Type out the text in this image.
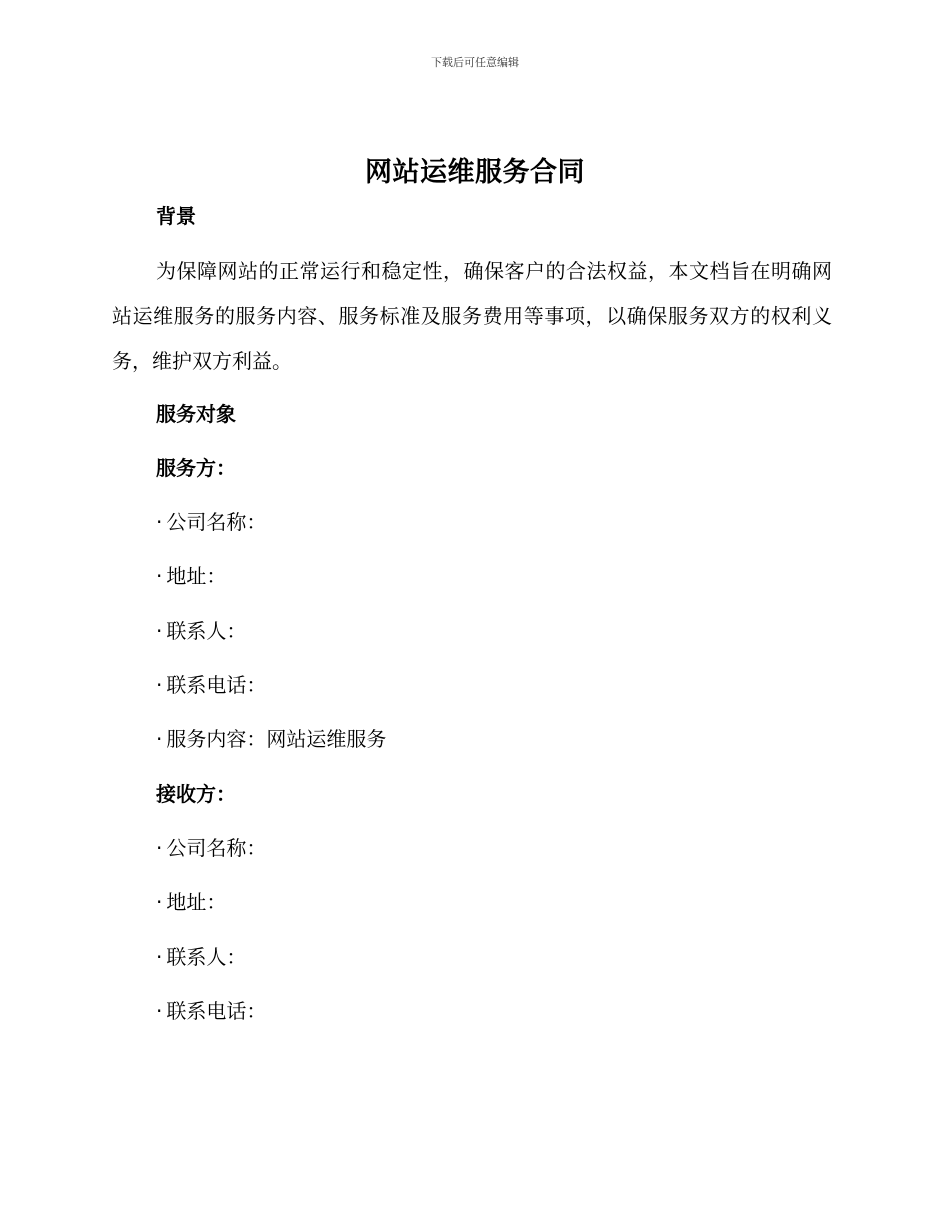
下载后可任意编辑
网站运维服务合同
背景
为保障网站的正常运行和稳定性，确保客户的合法权益，本文档旨在明确网站运维服务的服务内容、服务标准及服务费用等事项，以确保服务双方的权利义务，维护双方利益。
服务对象
服务方：
· 公司名称：
· 地址：
· 联系人：
· 联系电话：
· 服务内容：网站运维服务
接收方：
· 公司名称：
· 地址：
· 联系人：
· 联系电话：
